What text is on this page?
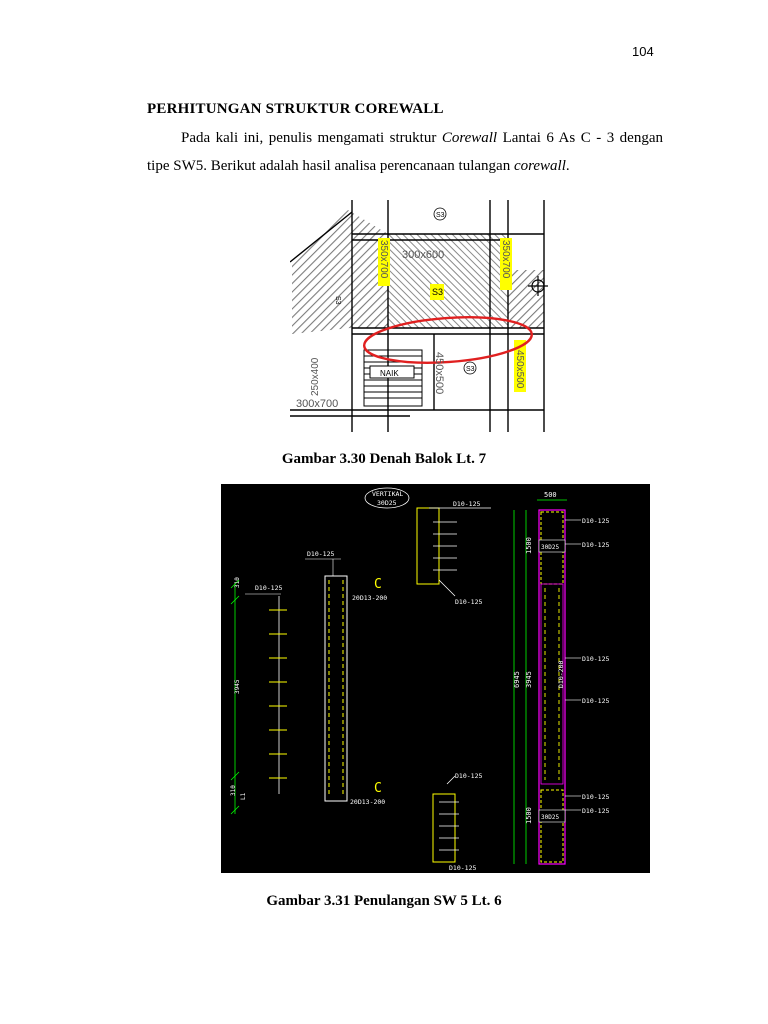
104
PERHITUNGAN STRUKTUR COREWALL

Pada kali ini, penulis mengamati struktur Corewall Lantai 6 As C - 3 dengan tipe SW5. Berikut adalah hasil analisa perencanaan tulangan corewall.

NAIK
S3
S3
S3
S3
300x600
350x700	350x700
450x500	450x500
250x400
300x700
Gambar 3.30 Denah Balok Lt. 7
VERTIKAL
30D25
310
3945
310
L1
D10-125
D10-125
20D13-200
C
20D13-200
C
D10-125
D10-125
D10-125
D10-125
500
1500
6945 3945
1500
30D25
30D25
D10-200
D10-125
D10-125
D10-125
D10-125
D10-125
D10-125
Gambar 3.31 Penulangan SW 5 Lt. 6
